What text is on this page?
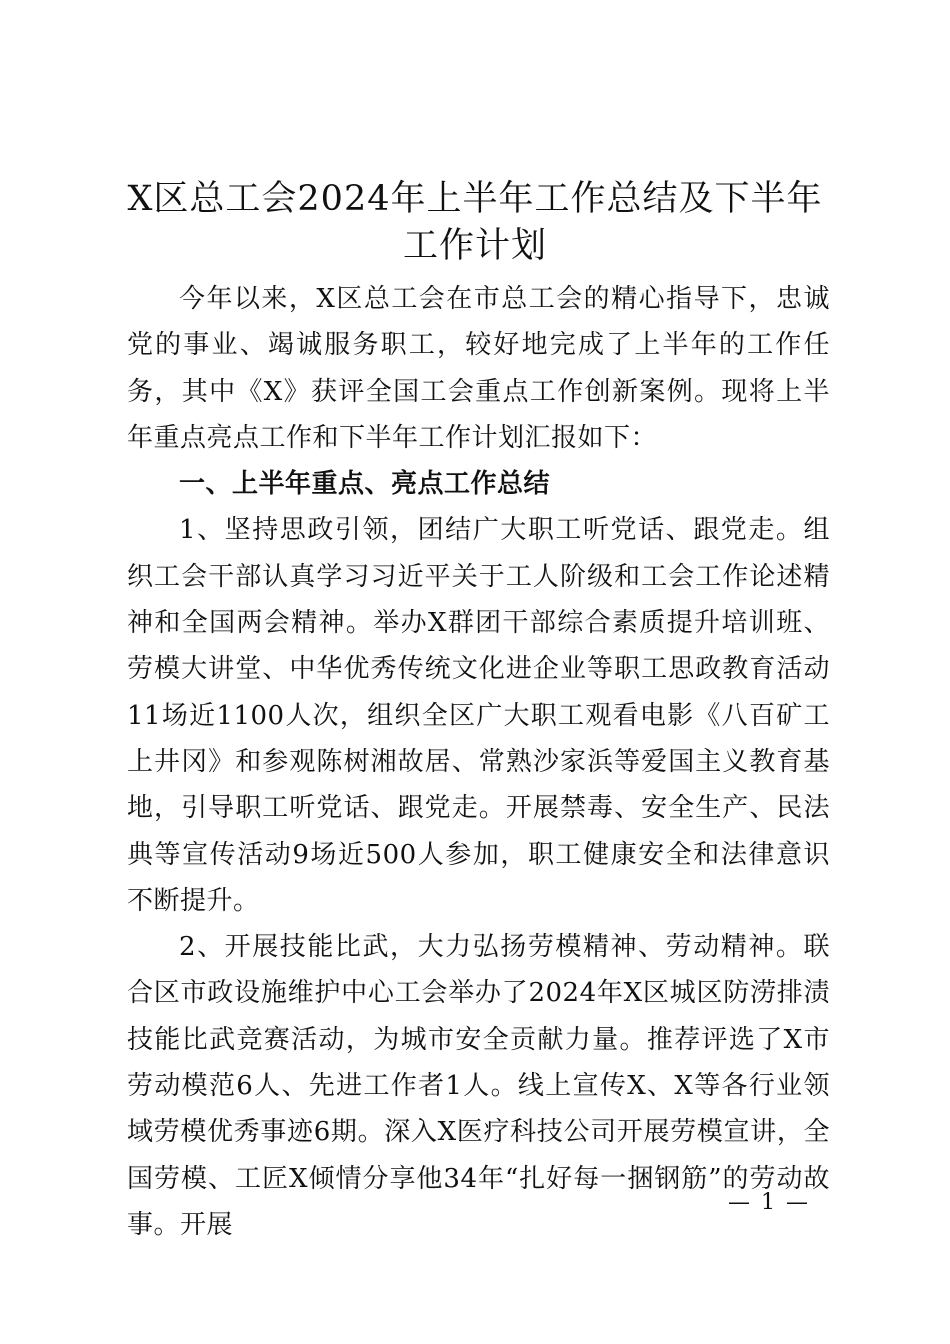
X区总工会2024年上半年工作总结及下半年
工作计划

今年以来，X区总工会在市总工会的精心指导下，忠诚党的事业、竭诚服务职工，较好地完成了上半年的工作任务，其中《X》获评全国工会重点工作创新案例。现将上半年重点亮点工作和下半年工作计划汇报如下：

一、上半年重点、亮点工作总结

1、坚持思政引领，团结广大职工听党话、跟党走。组织工会干部认真学习习近平关于工人阶级和工会工作论述精神和全国两会精神。举办X群团干部综合素质提升培训班、劳模大讲堂、中华优秀传统文化进企业等职工思政教育活动11场近1100人次，组织全区广大职工观看电影《八百矿工上井冈》和参观陈树湘故居、常熟沙家浜等爱国主义教育基地，引导职工听党话、跟党走。开展禁毒、安全生产、民法典等宣传活动9场近500人参加，职工健康安全和法律意识不断提升。

2、开展技能比武，大力弘扬劳模精神、劳动精神。联合区市政设施维护中心工会举办了2024年X区城区防涝排渍技能比武竞赛活动，为城市安全贡献力量。推荐评选了X市劳动模范6人、先进工作者1人。线上宣传X、X等各行业领域劳模优秀事迹6期。深入X医疗科技公司开展劳模宣讲，全国劳模、工匠X倾情分享他34年“扎好每一捆钢筋”的劳动故事。开展

— 1 —
